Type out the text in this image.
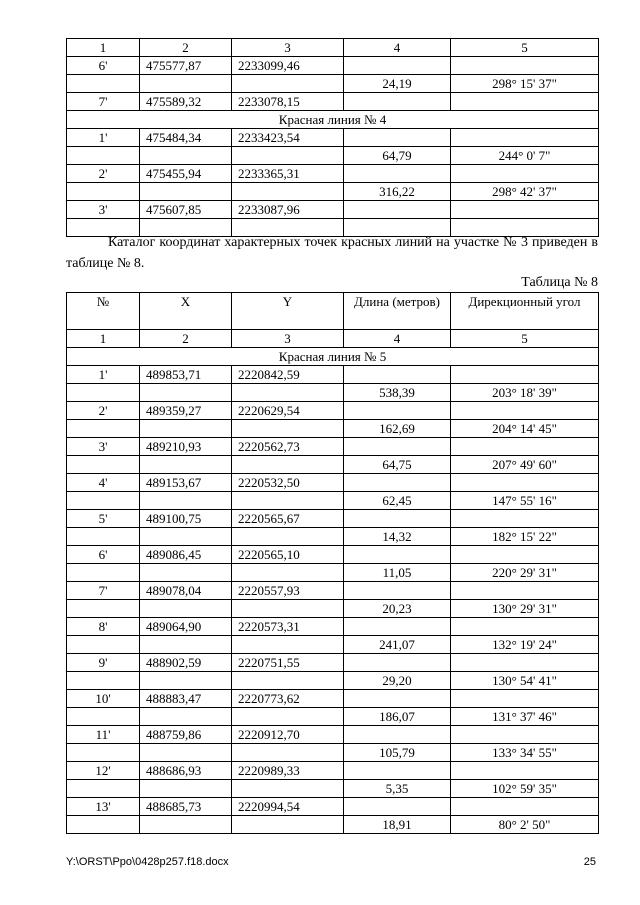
1	2	3	4	5
6'	475577,87	2233099,46		
			24,19	298° 15' 37"
7'	475589,32	2233078,15		
Красная линия № 4				
1'	475484,34	2233423,54		
			64,79	244° 0' 7"
2'	475455,94	2233365,31		
			316,22	298° 42' 37"
3'	475607,85	2233087,96		

Каталог координат характерных точек красных линий на участке № 3 приведен в таблице № 8.
Таблица № 8
№	X	Y	Длина (метров)	Дирекционный угол
1	2	3	4	5
Красная линия № 5				
1'	489853,71	2220842,59		
			538,39	203° 18' 39"
2'	489359,27	2220629,54		
			162,69	204° 14' 45"
3'	489210,93	2220562,73		
			64,75	207° 49' 60"
4'	489153,67	2220532,50		
			62,45	147° 55' 16"
5'	489100,75	2220565,67		
			14,32	182° 15' 22"
6'	489086,45	2220565,10		
			11,05	220° 29' 31"
7'	489078,04	2220557,93		
			20,23	130° 29' 31"
8'	489064,90	2220573,31		
			241,07	132° 19' 24"
9'	488902,59	2220751,55		
			29,20	130° 54' 41"
10'	488883,47	2220773,62		
			186,07	131° 37' 46"
11'	488759,86	2220912,70		
			105,79	133° 34' 55"
12'	488686,93	2220989,33		
			5,35	102° 59' 35"
13'	488685,73	2220994,54		
			18,91	80° 2' 50"
Y:\ORST\Ppo\0428p257.f18.docx	25
